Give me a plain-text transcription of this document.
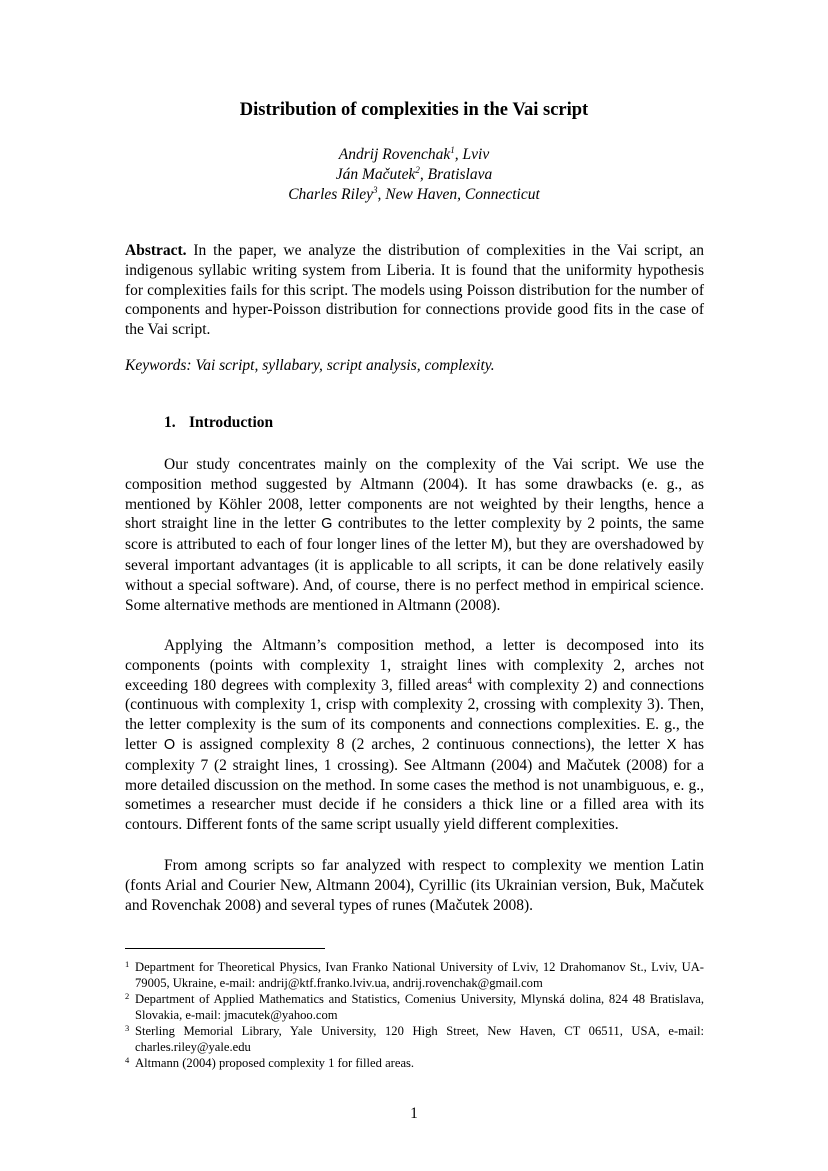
Distribution of complexities in the Vai script
Andrij Rovenchak$^1$, Lviv
Ján Mačutek$^2$, Bratislava
Charles Riley$^3$, New Haven, Connecticut

Abstract. In the paper, we analyze the distribution of complexities in the Vai script, an indigenous syllabic writing system from Liberia. It is found that the uniformity hypothesis for complexities fails for this script. The models using Poisson distribution for the number of components and hyper-Poisson distribution for connections provide good fits in the case of the Vai script.

Keywords: Vai script, syllabary, script analysis, complexity.

1. Introduction

Our study concentrates mainly on the complexity of the Vai script. We use the composition method suggested by Altmann (2004). It has some drawbacks (e. g., as mentioned by Köhler 2008, letter components are not weighted by their lengths, hence a short straight line in the letter G contributes to the letter complexity by 2 points, the same score is attributed to each of four longer lines of the letter M), but they are overshadowed by several important advantages (it is applicable to all scripts, it can be done relatively easily without a special software). And, of course, there is no perfect method in empirical science. Some alternative methods are mentioned in Altmann (2008).

Applying the Altmann’s composition method, a letter is decomposed into its components (points with complexity 1, straight lines with complexity 2, arches not exceeding 180 degrees with complexity 3, filled areas$^4$ with complexity 2) and connections (continuous with complexity 1, crisp with complexity 2, crossing with complexity 3). Then, the letter complexity is the sum of its components and connections complexities. E. g., the letter O is assigned complexity 8 (2 arches, 2 continuous connections), the letter X has complexity 7 (2 straight lines, 1 crossing). See Altmann (2004) and Mačutek (2008) for a more detailed discussion on the method. In some cases the method is not unambiguous, e. g., sometimes a researcher must decide if he considers a thick line or a filled area with its contours. Different fonts of the same script usually yield different complexities.

From among scripts so far analyzed with respect to complexity we mention Latin (fonts Arial and Courier New, Altmann 2004), Cyrillic (its Ukrainian version, Buk, Mačutek and Rovenchak 2008) and several types of runes (Mačutek 2008).

1 Department for Theoretical Physics, Ivan Franko National University of Lviv, 12 Drahomanov St., Lviv, UA-79005, Ukraine, e-mail: andrij@ktf.franko.lviv.ua, andrij.rovenchak@gmail.com

2 Department of Applied Mathematics and Statistics, Comenius University, Mlynská dolina, 824 48 Bratislava, Slovakia, e-mail: jmacutek@yahoo.com

3 Sterling Memorial Library, Yale University, 120 High Street, New Haven, CT 06511, USA, e-mail: charles.riley@yale.edu

4 Altmann (2004) proposed complexity 1 for filled areas.

1
